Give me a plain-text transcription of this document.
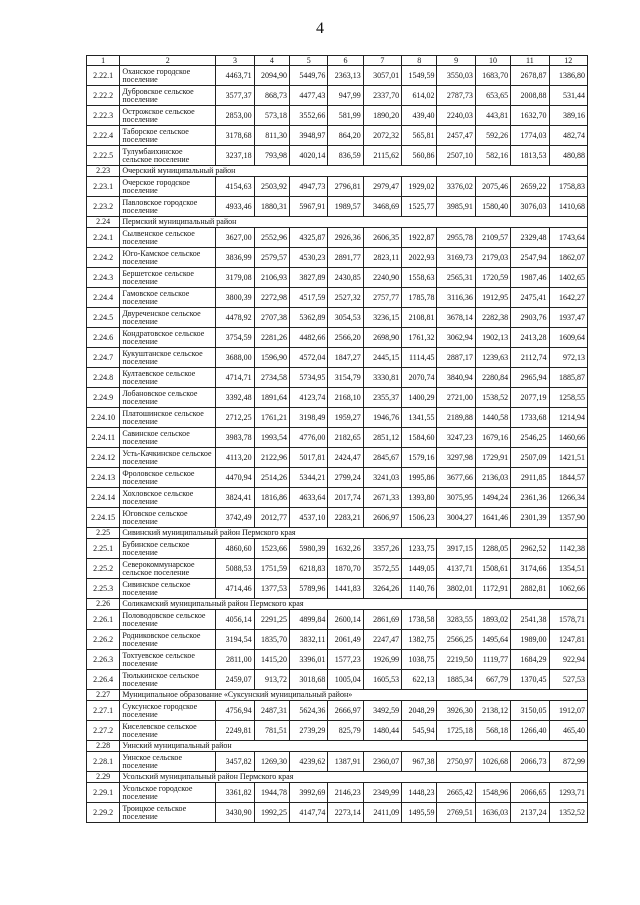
4
1	2	3	4	5	6	7	8	9	10	11	12
2.22.1	Оханское городское поселение	4463,71	2094,90	5449,76	2363,13	3057,01	1549,59	3550,03	1683,70	2678,87	1386,80
2.22.2	Дубровское сельское поселение	3577,37	868,73	4477,43	947,99	2337,70	614,02	2787,73	653,65	2008,88	531,44
2.22.3	Острожское сельское поселение	2853,00	573,18	3552,66	581,99	1890,20	439,40	2240,03	443,81	1632,70	389,16
2.22.4	Таборское сельское поселение	3178,68	811,30	3948,97	864,20	2072,32	565,81	2457,47	592,26	1774,03	482,74
2.22.5	Тулумбаихинское сельское поселение	3237,18	793,98	4020,14	836,59	2115,62	560,86	2507,10	582,16	1813,53	480,88
2.23	Очерский муниципальный район										
2.23.1	Очерское городское поселение	4154,63	2503,92	4947,73	2796,81	2979,47	1929,02	3376,02	2075,46	2659,22	1758,83
2.23.2	Павловское городское поселение	4933,46	1880,31	5967,91	1989,57	3468,69	1525,77	3985,91	1580,40	3076,03	1410,68
2.24	Пермский муниципальный район										
2.24.1	Сылвенское сельское поселение	3627,00	2552,96	4325,87	2926,36	2606,35	1922,87	2955,78	2109,57	2329,48	1743,64
2.24.2	Юго-Камское сельское поселение	3836,99	2579,57	4530,23	2891,77	2823,11	2022,93	3169,73	2179,03	2547,94	1862,07
2.24.3	Бершетское сельское поселение	3179,08	2106,93	3827,89	2430,85	2240,90	1558,63	2565,31	1720,59	1987,46	1402,65
2.24.4	Гамовское сельское поселение	3800,39	2272,98	4517,59	2527,32	2757,77	1785,78	3116,36	1912,95	2475,41	1642,27
2.24.5	Двуреченское сельское поселение	4478,92	2707,38	5362,89	3054,53	3236,15	2108,81	3678,14	2282,38	2903,76	1937,47
2.24.6	Кондратовское сельское поселение	3754,59	2281,26	4482,66	2566,20	2698,90	1761,32	3062,94	1902,13	2413,28	1609,64
2.24.7	Кукуштанское сельское поселение	3688,00	1596,90	4572,04	1847,27	2445,15	1114,45	2887,17	1239,63	2112,74	972,13
2.24.8	Култаевское сельское поселение	4714,71	2734,58	5734,95	3154,79	3330,81	2070,74	3840,94	2280,84	2965,94	1885,87
2.24.9	Лобановское сельское поселение	3392,48	1891,64	4123,74	2168,10	2355,37	1400,29	2721,00	1538,52	2077,19	1258,55
2.24.10	Платошинское сельское поселение	2712,25	1761,21	3198,49	1959,27	1946,76	1341,55	2189,88	1440,58	1733,68	1214,94
2.24.11	Савинское сельское поселение	3983,78	1993,54	4776,00	2182,65	2851,12	1584,60	3247,23	1679,16	2546,25	1460,66
2.24.12	Усть-Качкинское сельское поселение	4113,20	2122,96	5017,81	2424,47	2845,67	1579,16	3297,98	1729,91	2507,09	1421,51
2.24.13	Фроловское сельское поселение	4470,94	2514,26	5344,21	2799,24	3241,03	1995,86	3677,66	2136,03	2911,85	1844,57
2.24.14	Хохловское сельское поселение	3824,41	1816,86	4633,64	2017,74	2671,33	1393,80	3075,95	1494,24	2361,36	1266,34
2.24.15	Юговское сельское поселение	3742,49	2012,77	4537,10	2283,21	2606,97	1506,23	3004,27	1641,46	2301,39	1357,90
2.25	Сивинский муниципальный район Пермского края										
2.25.1	Бубинское сельское поселение	4860,60	1523,66	5980,39	1632,26	3357,26	1233,75	3917,15	1288,05	2962,52	1142,38
2.25.2	Северокоммунарское сельское поселение	5088,53	1751,59	6218,83	1870,70	3572,55	1449,05	4137,71	1508,61	3174,66	1354,51
2.25.3	Сивинское сельское поселение	4714,46	1377,53	5789,96	1441,83	3264,26	1140,76	3802,01	1172,91	2882,81	1062,66
2.26	Соликамский муниципальный район Пермского края										
2.26.1	Половодовское сельское поселение	4056,14	2291,25	4899,84	2600,14	2861,69	1738,58	3283,55	1893,02	2541,38	1578,71
2.26.2	Родниковское сельское поселение	3194,54	1835,70	3832,11	2061,49	2247,47	1382,75	2566,25	1495,64	1989,00	1247,81
2.26.3	Тохтуевское сельское поселение	2811,00	1415,20	3396,01	1577,23	1926,99	1038,75	2219,50	1119,77	1684,29	922,94
2.26.4	Тюлькинское сельское поселение	2459,07	913,72	3018,68	1005,04	1605,53	622,13	1885,34	667,79	1370,45	527,53
2.27	Муниципальное образование «Суксунский муниципальный район»										
2.27.1	Суксунское городское поселение	4756,94	2487,31	5624,36	2666,97	3492,59	2048,29	3926,30	2138,12	3150,05	1912,07
2.27.2	Киселевское сельское поселение	2249,81	781,51	2739,29	825,79	1480,44	545,94	1725,18	568,18	1266,40	465,40
2.28	Уинский муниципальный район										
2.28.1	Уинское сельское поселение	3457,82	1269,30	4239,62	1387,91	2360,07	967,38	2750,97	1026,68	2066,73	872,99
2.29	Усольский муниципальный район Пермского края										
2.29.1	Усольское городское поселение	3361,82	1944,78	3992,69	2146,23	2349,99	1448,23	2665,42	1548,96	2066,65	1293,71
2.29.2	Троицкое сельское поселение	3430,90	1992,25	4147,74	2273,14	2411,09	1495,59	2769,51	1636,03	2137,24	1352,52
